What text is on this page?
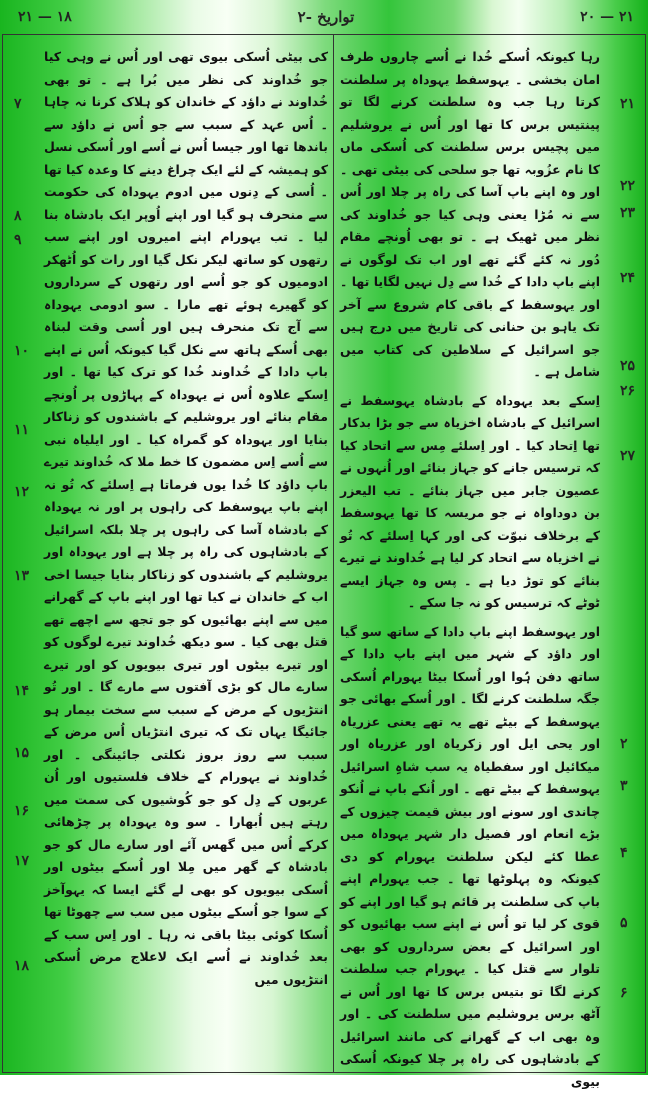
۲۱ — ۱۸	۲- تواریخ	۲۰ — ۲۱

رہا کیونکہ اُسکے خُدا نے اُسے چاروں طرف امان بخشی ۔ یہوسفط یہوداہ پر سلطنت کرتا رہا جب وہ سلطنت کرنے لگا تو پینتیس برس کا تھا اور اُس نے یروشلیم میں پچیس برس سلطنت کی اُسکی ماں کا نام عزُوبہ تھا جو سلحی کی بیٹی تھی ۔ اور وہ اپنے باپ آسا کی راہ پر چلا اور اُس سے نہ مُڑا یعنی وہی کیا جو خُداوند کی نظر میں ٹھیک ہے ۔ تو بھی اُونچے مقام دُور نہ کئے گئے تھے اور اب تک لوگوں نے اپنے باپ دادا کے خُدا سے دِل نہیں لگایا تھا ۔ اور یہوسفط کے باقی کام شروع سے آخر تک یاہو بن حنانی کی تاریخ میں درج ہیں جو اسرائیل کے سلاطین کی کتاب میں شامل ہے ۔

اِسکے بعد یہوداہ کے بادشاہ یہوسفط نے اسرائیل کے بادشاہ اخزیاہ سے جو بڑا بدکار تھا اِتحاد کیا ۔ اور اِسلئے مِس سے اتحاد کیا کہ ترسیس جانے کو جہاز بنائے اور اُنہوں نے عصیون جابر میں جہاز بنائے ۔ تب الیعزر بن دوداواہ نے جو مریسہ کا تھا یہوسفط کے برخلاف نبوّت کی اور کہا اِسلئے کہ تُو نے اخزیاہ سے اتحاد کر لیا ہے خُداوند نے تیرے بنائے کو توڑ دیا ہے ۔ پس وہ جہاز ایسے ٹوٹے کہ ترسیس کو نہ جا سکے ۔

اور یہوسفط اپنے باپ دادا کے ساتھ سو گیا اور داؤد کے شہر میں اپنے باپ دادا کے ساتھ دفن ہُوا اور اُسکا بیٹا یہورام اُسکی جگہ سلطنت کرنے لگا ۔ اور اُسکے بھائی جو یہوسفط کے بیٹے تھے یہ تھے یعنی عزریاہ اور یحی ایل اور زکریاہ اور عزریاہ اور میکائیل اور سفطیاہ یہ سب شاہِ اسرائیل یہوسفط کے بیٹے تھے ۔ اور اُنکے باپ نے اُنکو چاندی اور سونے اور بیش قیمت چیزوں کے بڑے انعام اور فصیل دار شہر یہوداہ میں عطا کئے لیکن سلطنت یہورام کو دی کیونکہ وہ پہلوٹھا تھا ۔ جب یہورام اپنے باپ کی سلطنت پر قائم ہو گیا اور اپنے کو قوی کر لیا تو اُس نے اپنے سب بھائیوں کو اور اسرائیل کے بعض سرداروں کو بھی تلوار سے قتل کیا ۔ یہورام جب سلطنت کرنے لگا تو بتیس برس کا تھا اور اُس نے آٹھ برس یروشلیم میں سلطنت کی ۔ اور وہ بھی اب کے گھرانے کی مانند اسرائیل کے بادشاہوں کی راہ پر چلا کیونکہ اُسکی بیوی

کی بیٹی اُسکی بیوی تھی اور اُس نے وہی کیا جو خُداوند کی نظر میں بُرا ہے ۔ تو بھی خُداوند نے داؤد کے خاندان کو ہلاک کرنا نہ چاہا ۔ اُس عہد کے سبب سے جو اُس نے داؤد سے باندھا تھا اور جیسا اُس نے اُسے اور اُسکی نسل کو ہمیشہ کے لئے ایک چراغ دینے کا وعدہ کیا تھا ۔ اُسی کے دِنوں میں ادوم یہوداہ کی حکومت سے منحرف ہو گیا اور اپنے اُوپر ایک بادشاہ بنا لیا ۔ تب یہورام اپنے امیروں اور اپنے سب رتھوں کو ساتھ لیکر نکل گیا اور رات کو اُٹھکر ادومیوں کو جو اُسے اور رتھوں کے سرداروں کو گھیرے ہوئے تھے مارا ۔ سو ادومی یہوداہ سے آج تک منحرف ہیں اور اُسی وقت لبناہ بھی اُسکے ہاتھ سے نکل گیا کیونکہ اُس نے اپنے باپ دادا کے خُداوند خُدا کو ترک کیا تھا ۔ اور اِسکے علاوہ اُس نے یہوداہ کے پہاڑوں پر اُونچے مقام بنائے اور یروشلیم کے باشندوں کو زناکار بنایا اور یہوداہ کو گمراہ کیا ۔ اور ایلیاہ نبی سے اُسے اِس مضمون کا خط ملا کہ خُداوند تیرے باپ داؤد کا خُدا یوں فرماتا ہے اِسلئے کہ تُو نہ اپنے باپ یہوسفط کی راہوں پر اور نہ یہوداہ کے بادشاہ آسا کی راہوں پر چلا بلکہ اسرائیل کے بادشاہوں کی راہ پر چلا ہے اور یہوداہ اور یروشلیم کے باشندوں کو زناکار بنایا جیسا اخی اب کے خاندان نے کیا تھا اور اپنے باپ کے گھرانے میں سے اپنے بھائیوں کو جو تجھ سے اچھے تھے قتل بھی کیا ۔ سو دیکھ خُداوند تیرے لوگوں کو اور تیرے بیٹوں اور تیری بیویوں کو اور تیرے سارے مال کو بڑی آفتوں سے مارے گا ۔ اور تُو انتڑیوں کے مرض کے سبب سے سخت بیمار ہو جائیگا یہاں تک کہ تیری انتڑیاں اُس مرض کے سبب سے روز بروز نکلتی جائینگی ۔ اور خُداوند نے یہورام کے خلاف فلستیوں اور اُن عربوں کے دِل کو جو کُوشیوں کی سمت میں رہتے ہیں اُبھارا ۔ سو وہ یہوداہ پر چڑھائی کرکے اُس میں گھس آئے اور سارے مال کو جو بادشاہ کے گھر میں مِلا اور اُسکے بیٹوں اور اُسکی بیویوں کو بھی لے گئے ایسا کہ یہوآخز کے سوا جو اُسکے بیٹوں میں سب سے چھوٹا تھا اُسکا کوئی بیٹا باقی نہ رہا ۔ اور اِس سب کے بعد خُداوند نے اُسے ایک لاعلاج مرض اُسکی انتڑیوں میں

۲۱
۲۲
۲۳
۲۴
۲۵
۲۶
۲۷
۲
۳
۴
۵
۶
۷
۸
۹
۱۰
۱۱
۱۲
۱۳
۱۴
۱۵
۱۶
۱۷
۱۸
